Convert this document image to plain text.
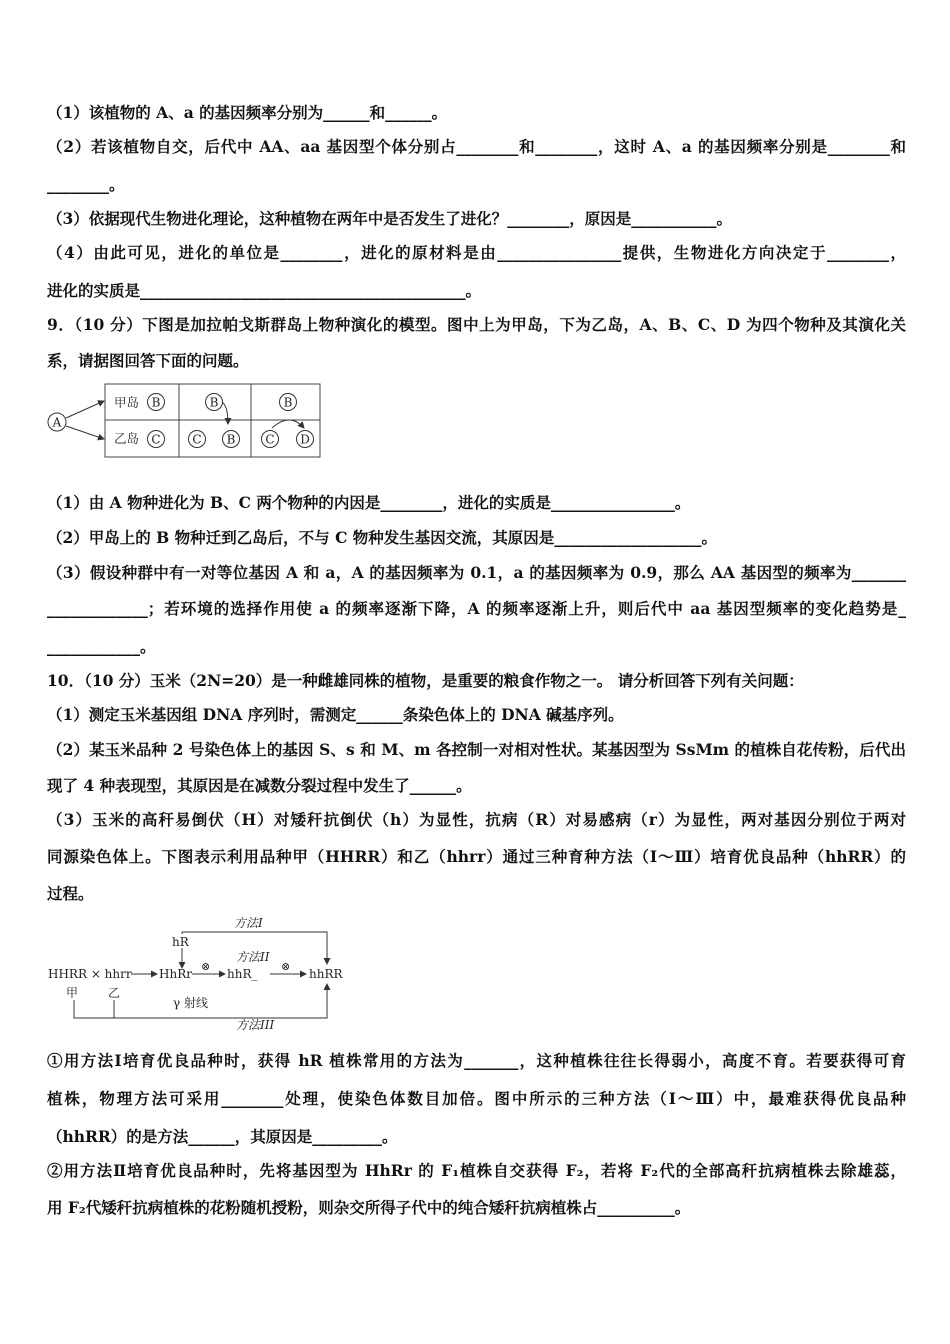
（1）该植物的 A、a 的基因频率分别为______和______。
（2）若该植物自交，后代中 AA、aa 基因型个体分别占________和________，这时 A、a 的基因频率分别是________和
________。
（3）依据现代生物进化理论，这种植物在两年中是否发生了进化？________，原因是___________。
（4）由此可见，进化的单位是________，进化的原材料是由________________提供，生物进化方向决定于________，
进化的实质是__________________________________________。
9．（10 分）下图是加拉帕戈斯群岛上物种演化的模型。图中上为甲岛，下为乙岛，A、B、C、D 为四个物种及其演化关
系，请据图回答下面的问题。
A
甲岛
乙岛
B
C
B
C B
B
C D
（1）由 A 物种进化为 B、C 两个物种的内因是________，进化的实质是________________。
（2）甲岛上的 B 物种迁到乙岛后，不与 C 物种发生基因交流，其原因是___________________。
（3）假设种群中有一对等位基因 A 和 a，A 的基因频率为 0.1，a 的基因频率为 0.9，那么 AA 基因型的频率为_______
_____________；若环境的选择作用使 a 的频率逐渐下降，A 的频率逐渐上升，则后代中 aa 基因型频率的变化趋势是_
____________。
10．（10 分）玉米（2N=20）是一种雌雄同株的植物，是重要的粮食作物之一。 请分析回答下列有关问题：
（1）测定玉米基因组 DNA 序列时，需测定______条染色体上的 DNA 碱基序列。
（2）某玉米品种 2 号染色体上的基因 S、s 和 M、m 各控制一对相对性状。某基因型为 SsMm 的植株自花传粉，后代出
现了 4 种表现型，其原因是在减数分裂过程中发生了______。
（3）玉米的高秆易倒伏（H）对矮秆抗倒伏（h）为显性，抗病（R）对易感病（r）为显性，两对基因分别位于两对
同源染色体上。下图表示利用品种甲（HHRR）和乙（hhrr）通过三种育种方法（Ⅰ～Ⅲ）培育优良品种（hhRR）的
过程。
方法I
hR
方法II
HHRR × hhrr HhRr	hhR_	hhRR
⊗	⊗
甲 乙
γ 射线
方法III
①用方法Ⅰ培育优良品种时，获得 hR 植株常用的方法为_______，这种植株往往长得弱小，高度不育。若要获得可育
植株，物理方法可采用________处理，使染色体数目加倍。图中所示的三种方法（Ⅰ～Ⅲ）中，最难获得优良品种
（hhRR）的是方法______，其原因是_________。
②用方法Ⅱ培育优良品种时，先将基因型为 HhRr 的 F₁植株自交获得 F₂，若将 F₂代的全部高秆抗病植株去除雄蕊，
用 F₂代矮秆抗病植株的花粉随机授粉，则杂交所得子代中的纯合矮秆抗病植株占__________。
